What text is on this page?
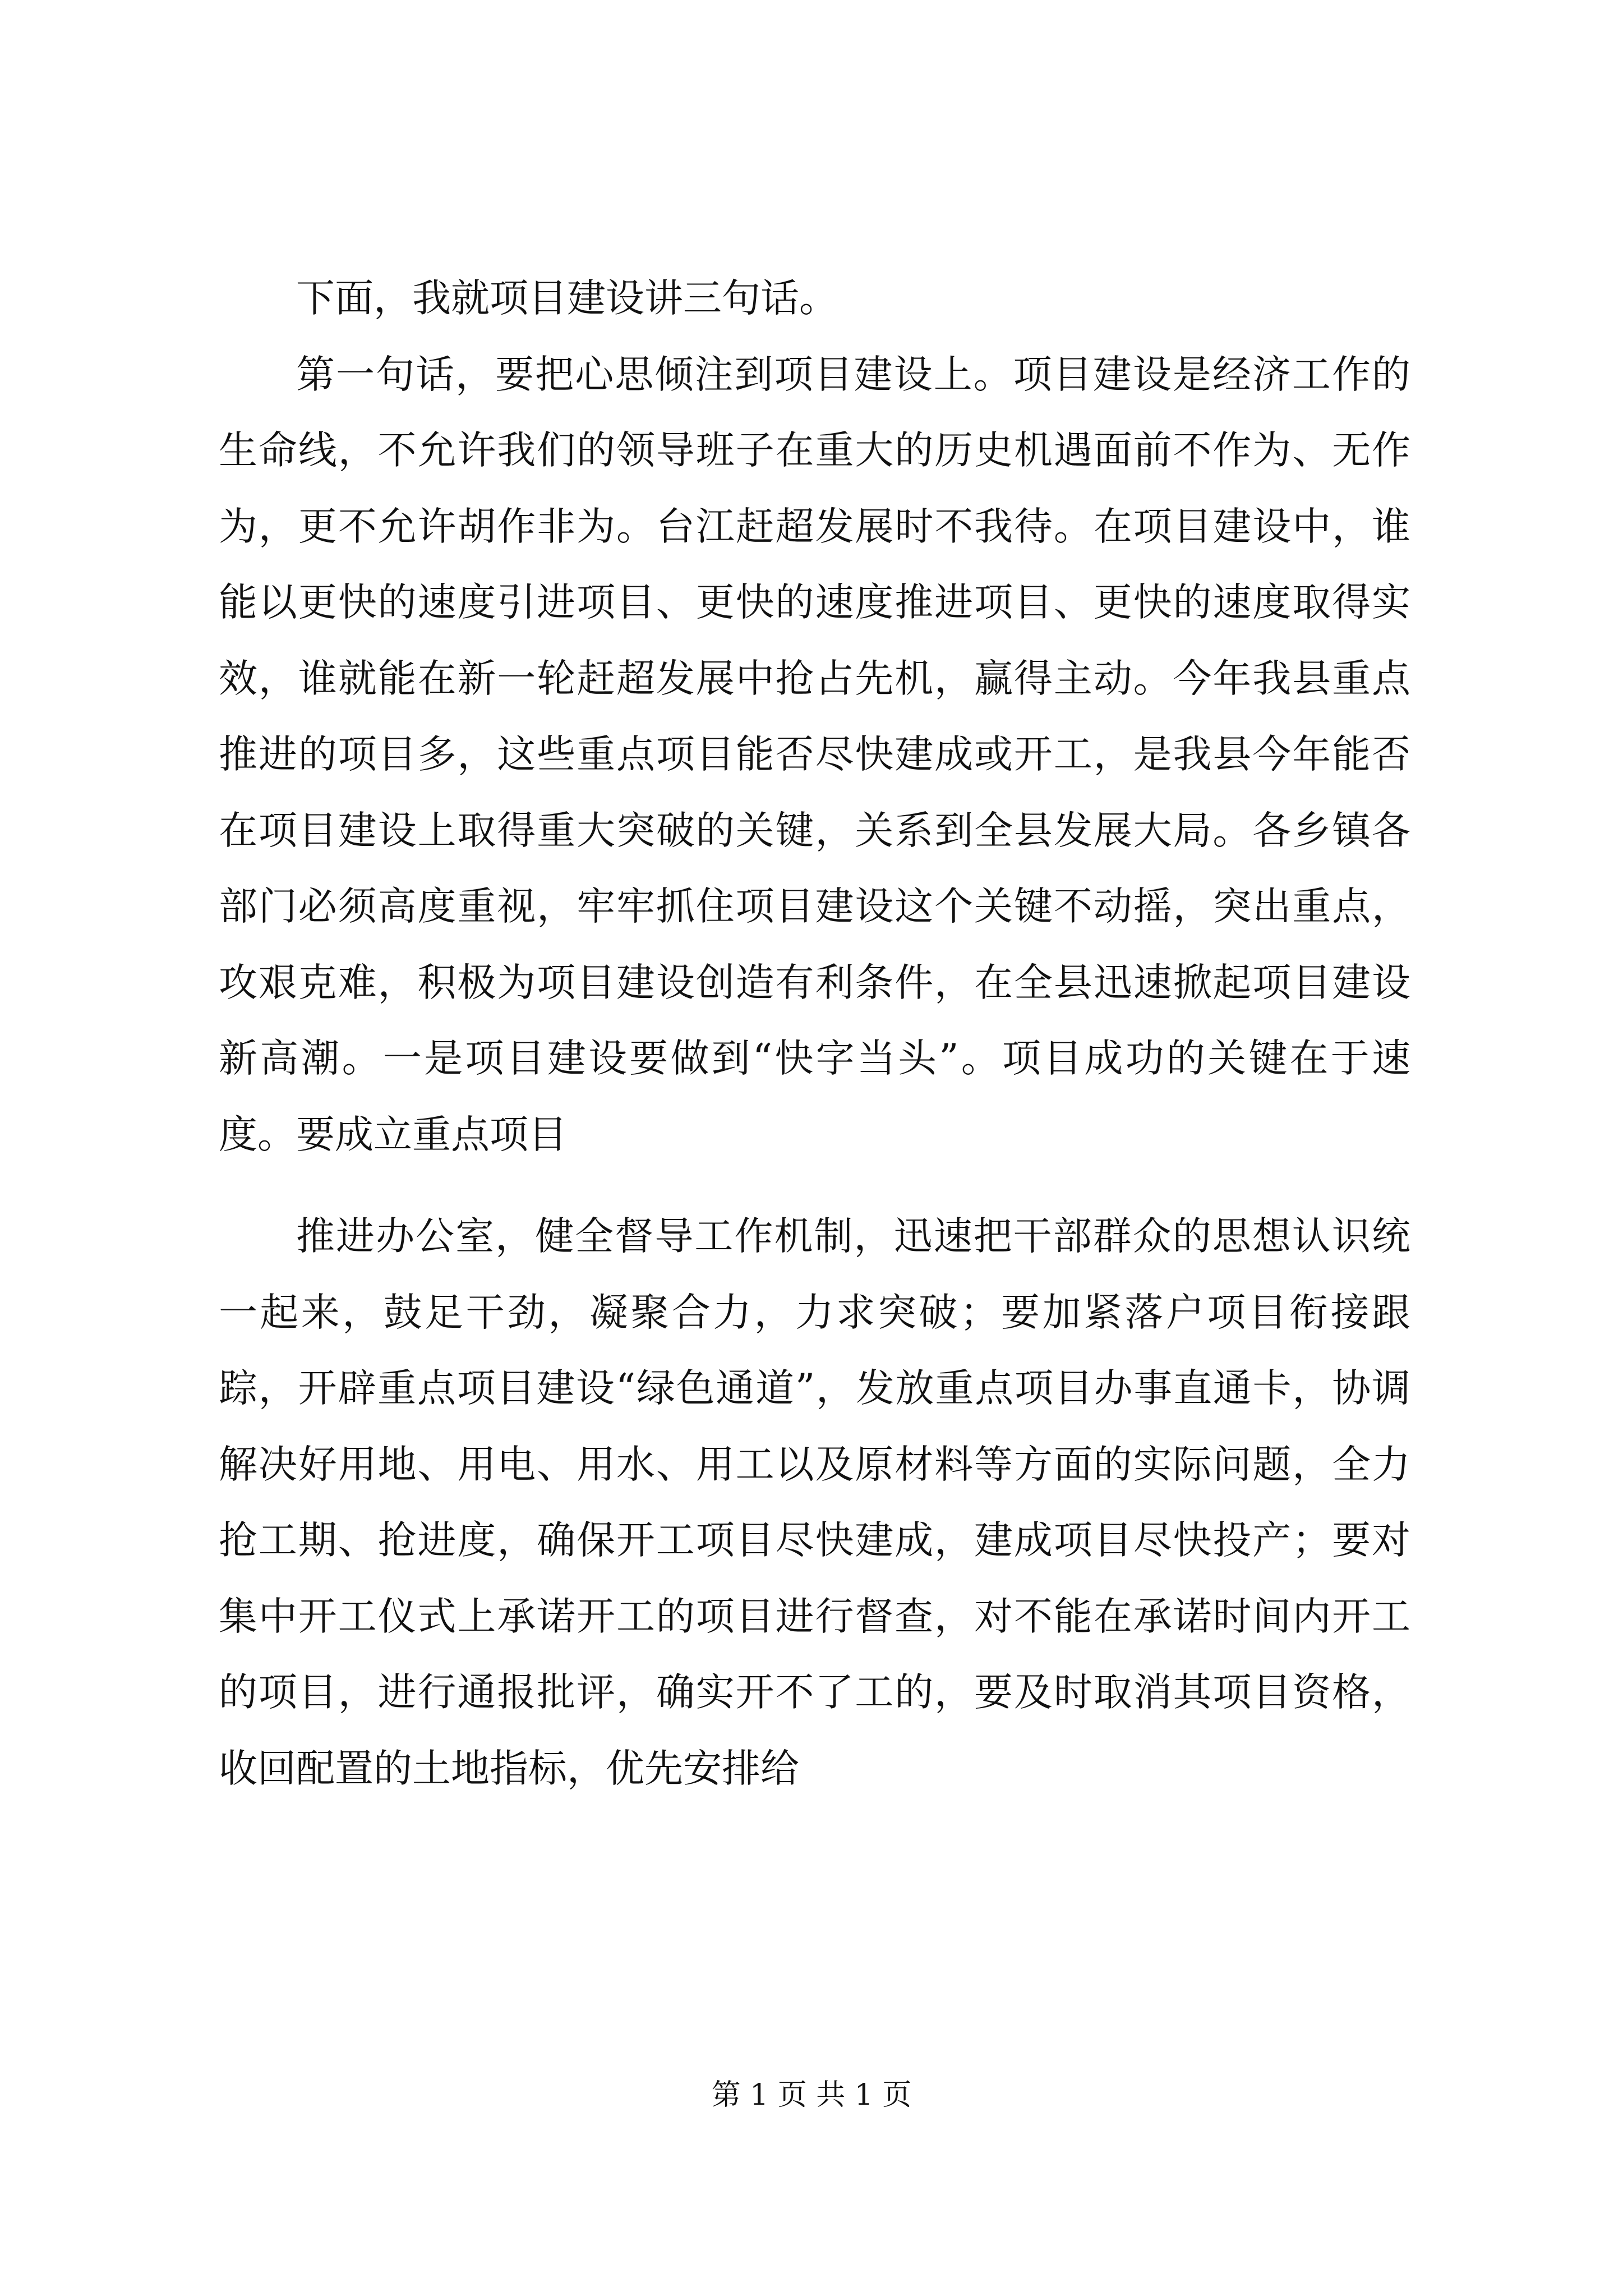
下面，我就项目建设讲三句话。

第一句话，要把心思倾注到项目建设上。项目建设是经济工作的生命线，不允许我们的领导班子在重大的历史机遇面前不作为、无作为，更不允许胡作非为。台江赶超发展时不我待。在项目建设中，谁能以更快的速度引进项目、更快的速度推进项目、更快的速度取得实效，谁就能在新一轮赶超发展中抢占先机，赢得主动。今年我县重点推进的项目多，这些重点项目能否尽快建成或开工，是我县今年能否在项目建设上取得重大突破的关键，关系到全县发展大局。各乡镇各部门必须高度重视，牢牢抓住项目建设这个关键不动摇，突出重点，攻艰克难，积极为项目建设创造有利条件，在全县迅速掀起项目建设新高潮。一是项目建设要做到“快字当头”。项目成功的关键在于速度。要成立重点项目

推进办公室，健全督导工作机制，迅速把干部群众的思想认识统一起来，鼓足干劲，凝聚合力，力求突破；要加紧落户项目衔接跟踪，开辟重点项目建设“绿色通道”，发放重点项目办事直通卡，协调解决好用地、用电、用水、用工以及原材料等方面的实际问题，全力抢工期、抢进度，确保开工项目尽快建成，建成项目尽快投产；要对集中开工仪式上承诺开工的项目进行督查，对不能在承诺时间内开工的项目，进行通报批评，确实开不了工的，要及时取消其项目资格，收回配置的土地指标，优先安排给

第 1 页 共 1 页
